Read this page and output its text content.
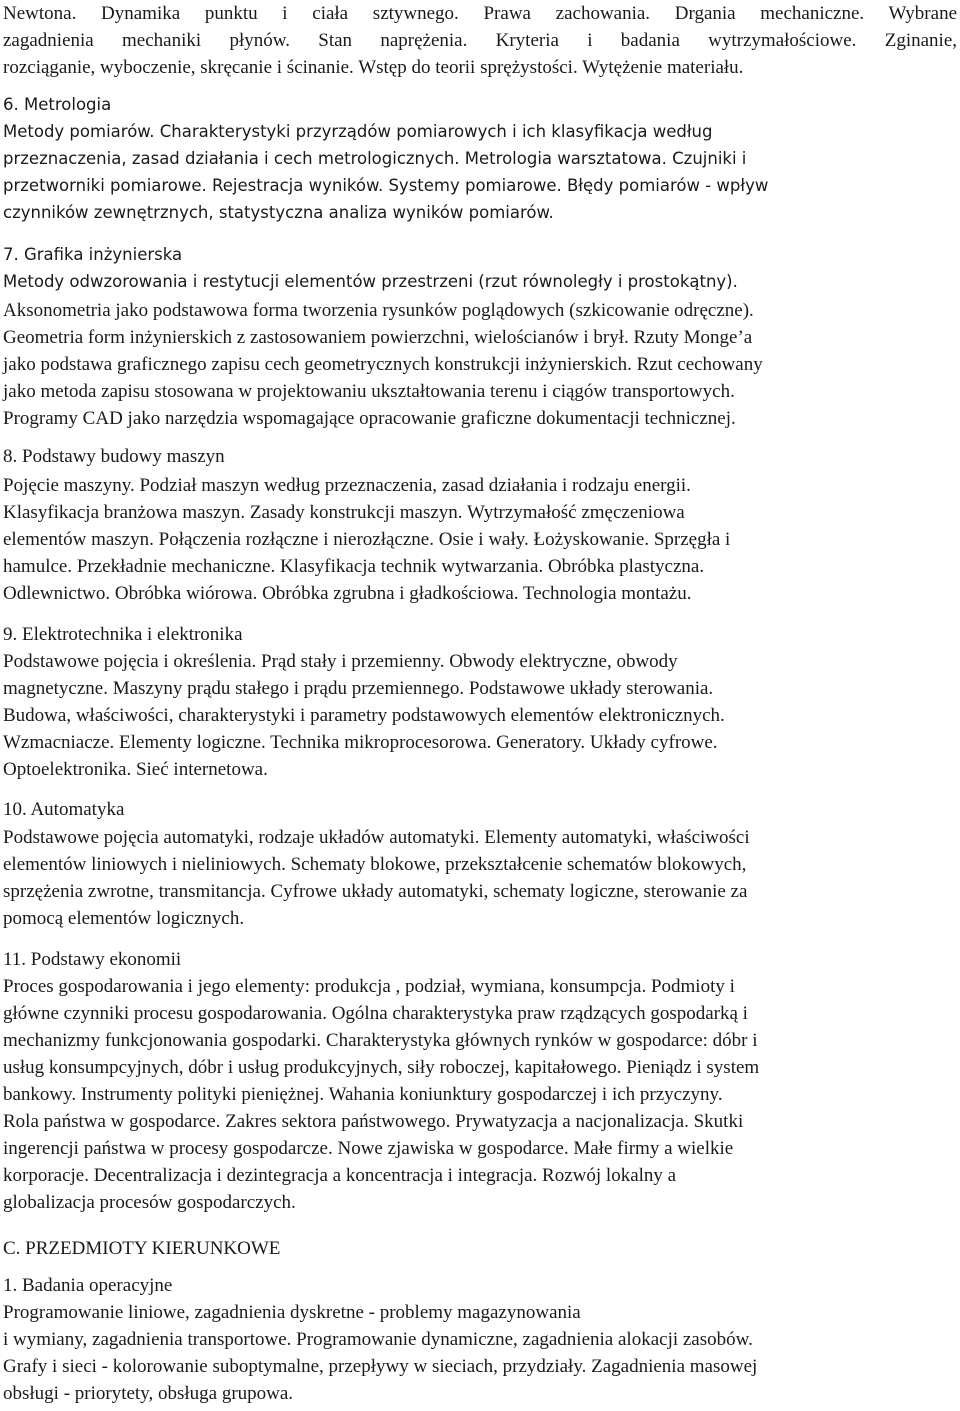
Newtona. Dynamika punktu i ciała sztywnego. Prawa zachowania. Drgania mechaniczne. Wybrane
zagadnienia mechaniki płynów. Stan naprężenia. Kryteria i badania wytrzymałościowe. Zginanie,
rozciąganie, wyboczenie, skręcanie i ścinanie. Wstęp do teorii sprężystości. Wytężenie materiału.
6. Metrologia
Metody pomiarów. Charakterystyki przyrządów pomiarowych i ich klasyfikacja według
przeznaczenia, zasad działania i cech metrologicznych. Metrologia warsztatowa. Czujniki i
przetworniki pomiarowe. Rejestracja wyników. Systemy pomiarowe. Błędy pomiarów - wpływ
czynników zewnętrznych, statystyczna analiza wyników pomiarów.
7. Grafika inżynierska
Metody odwzorowania i restytucji elementów przestrzeni (rzut równoległy i prostokątny).
Aksonometria jako podstawowa forma tworzenia rysunków poglądowych (szkicowanie odręczne).
Geometria form inżynierskich z zastosowaniem powierzchni, wielościanów i brył. Rzuty Monge’a
jako podstawa graficznego zapisu cech geometrycznych konstrukcji inżynierskich. Rzut cechowany
jako metoda zapisu stosowana w projektowaniu ukształtowania terenu i ciągów transportowych.
Programy CAD jako narzędzia wspomagające opracowanie graficzne dokumentacji technicznej.
8. Podstawy budowy maszyn
Pojęcie maszyny. Podział maszyn według przeznaczenia, zasad działania i rodzaju energii.
Klasyfikacja branżowa maszyn. Zasady konstrukcji maszyn. Wytrzymałość zmęczeniowa
elementów maszyn. Połączenia rozłączne i nierozłączne. Osie i wały. Łożyskowanie. Sprzęgła i
hamulce. Przekładnie mechaniczne. Klasyfikacja technik wytwarzania. Obróbka plastyczna.
Odlewnictwo. Obróbka wiórowa. Obróbka zgrubna i gładkościowa. Technologia montażu.
9. Elektrotechnika i elektronika
Podstawowe pojęcia i określenia. Prąd stały i przemienny. Obwody elektryczne, obwody
magnetyczne. Maszyny prądu stałego i prądu przemiennego. Podstawowe układy sterowania.
Budowa, właściwości, charakterystyki i parametry podstawowych elementów elektronicznych.
Wzmacniacze. Elementy logiczne. Technika mikroprocesorowa. Generatory. Układy cyfrowe.
Optoelektronika. Sieć internetowa.
10. Automatyka
Podstawowe pojęcia automatyki, rodzaje układów automatyki. Elementy automatyki, właściwości
elementów liniowych i nieliniowych. Schematy blokowe, przekształcenie schematów blokowych,
sprzężenia zwrotne, transmitancja. Cyfrowe układy automatyki, schematy logiczne, sterowanie za
pomocą elementów logicznych.
11. Podstawy ekonomii
Proces gospodarowania i jego elementy: produkcja , podział, wymiana, konsumpcja. Podmioty i
główne czynniki procesu gospodarowania. Ogólna charakterystyka praw rządzących gospodarką i
mechanizmy funkcjonowania gospodarki. Charakterystyka głównych rynków w gospodarce: dóbr i
usług konsumpcyjnych, dóbr i usług produkcyjnych, siły roboczej, kapitałowego. Pieniądz i system
bankowy. Instrumenty polityki pieniężnej. Wahania koniunktury gospodarczej i ich przyczyny.
Rola państwa w gospodarce. Zakres sektora państwowego. Prywatyzacja a nacjonalizacja. Skutki
ingerencji państwa w procesy gospodarcze. Nowe zjawiska w gospodarce. Małe firmy a wielkie
korporacje. Decentralizacja i dezintegracja a koncentracja i integracja. Rozwój lokalny a
globalizacja procesów gospodarczych.
C. PRZEDMIOTY KIERUNKOWE
1. Badania operacyjne
Programowanie liniowe, zagadnienia dyskretne - problemy magazynowania
i wymiany, zagadnienia transportowe. Programowanie dynamiczne, zagadnienia alokacji zasobów.
Grafy i sieci - kolorowanie suboptymalne, przepływy w sieciach, przydziały. Zagadnienia masowej
obsługi - priorytety, obsługa grupowa.
